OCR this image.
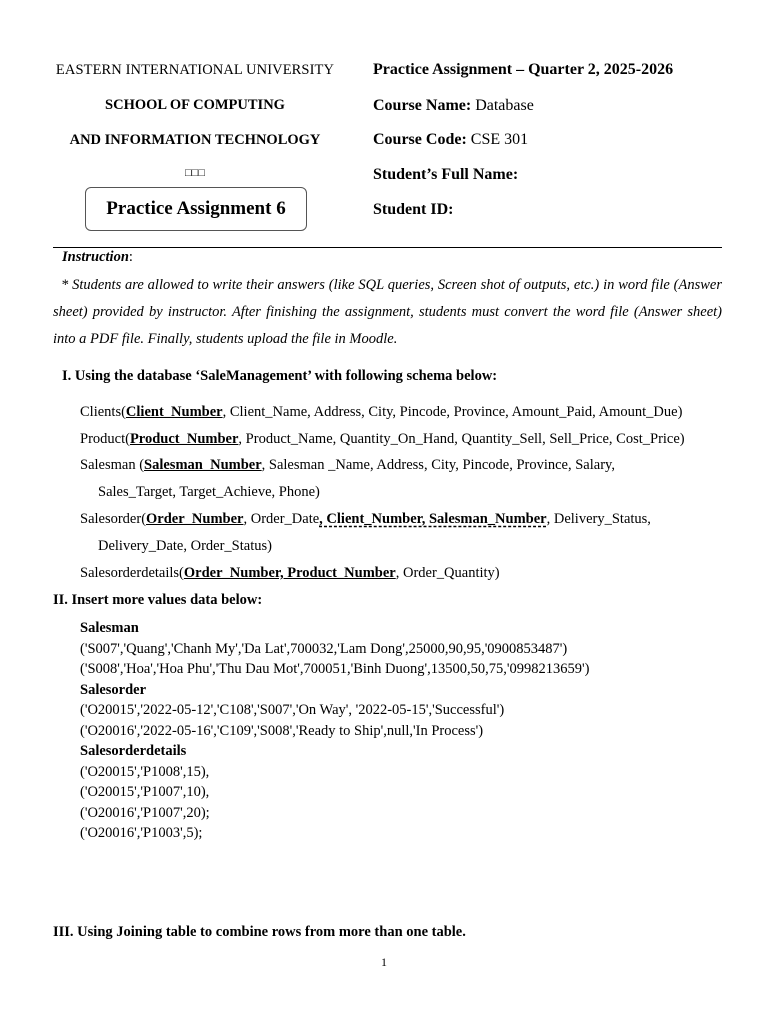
EASTERN INTERNATIONAL UNIVERSITY
SCHOOL OF COMPUTING
AND INFORMATION TECHNOLOGY
□□□
Practice Assignment 6
Practice Assignment – Quarter 2, 2025-2026
Course Name: Database
Course Code: CSE 301
Student’s Full Name:
Student ID:
Instruction:
* Students are allowed to write their answers (like SQL queries, Screen shot of outputs, etc.) in word file (Answer sheet) provided by instructor. After finishing the assignment, students must convert the word file (Answer sheet) into a PDF file. Finally, students upload the file in Moodle.
I. Using the database ‘SaleManagement’ with following schema below:
Clients(Client_Number, Client_Name, Address, City, Pincode, Province, Amount_Paid, Amount_Due)
Product(Product_Number, Product_Name, Quantity_On_Hand, Quantity_Sell, Sell_Price, Cost_Price)
Salesman (Salesman_Number, Salesman _Name, Address, City, Pincode, Province, Salary,
Sales_Target, Target_Achieve, Phone)
Salesorder(Order_Number, Order_Date, Client_Number, Salesman_Number, Delivery_Status,
Delivery_Date, Order_Status)
Salesorderdetails(Order_Number, Product_Number, Order_Quantity)
II. Insert more values data below:
Salesman
('S007','Quang','Chanh My','Da Lat',700032,'Lam Dong',25000,90,95,'0900853487')
('S008','Hoa','Hoa Phu','Thu Dau Mot',700051,'Binh Duong',13500,50,75,'0998213659')
Salesorder
('O20015','2022-05-12','C108','S007','On Way', '2022-05-15','Successful')
('O20016','2022-05-16','C109','S008','Ready to Ship',null,'In Process')
Salesorderdetails
('O20015','P1008',15),
('O20015','P1007',10),
('O20016','P1007',20);
('O20016','P1003',5);
III. Using Joining table to combine rows from more than one table.
1
